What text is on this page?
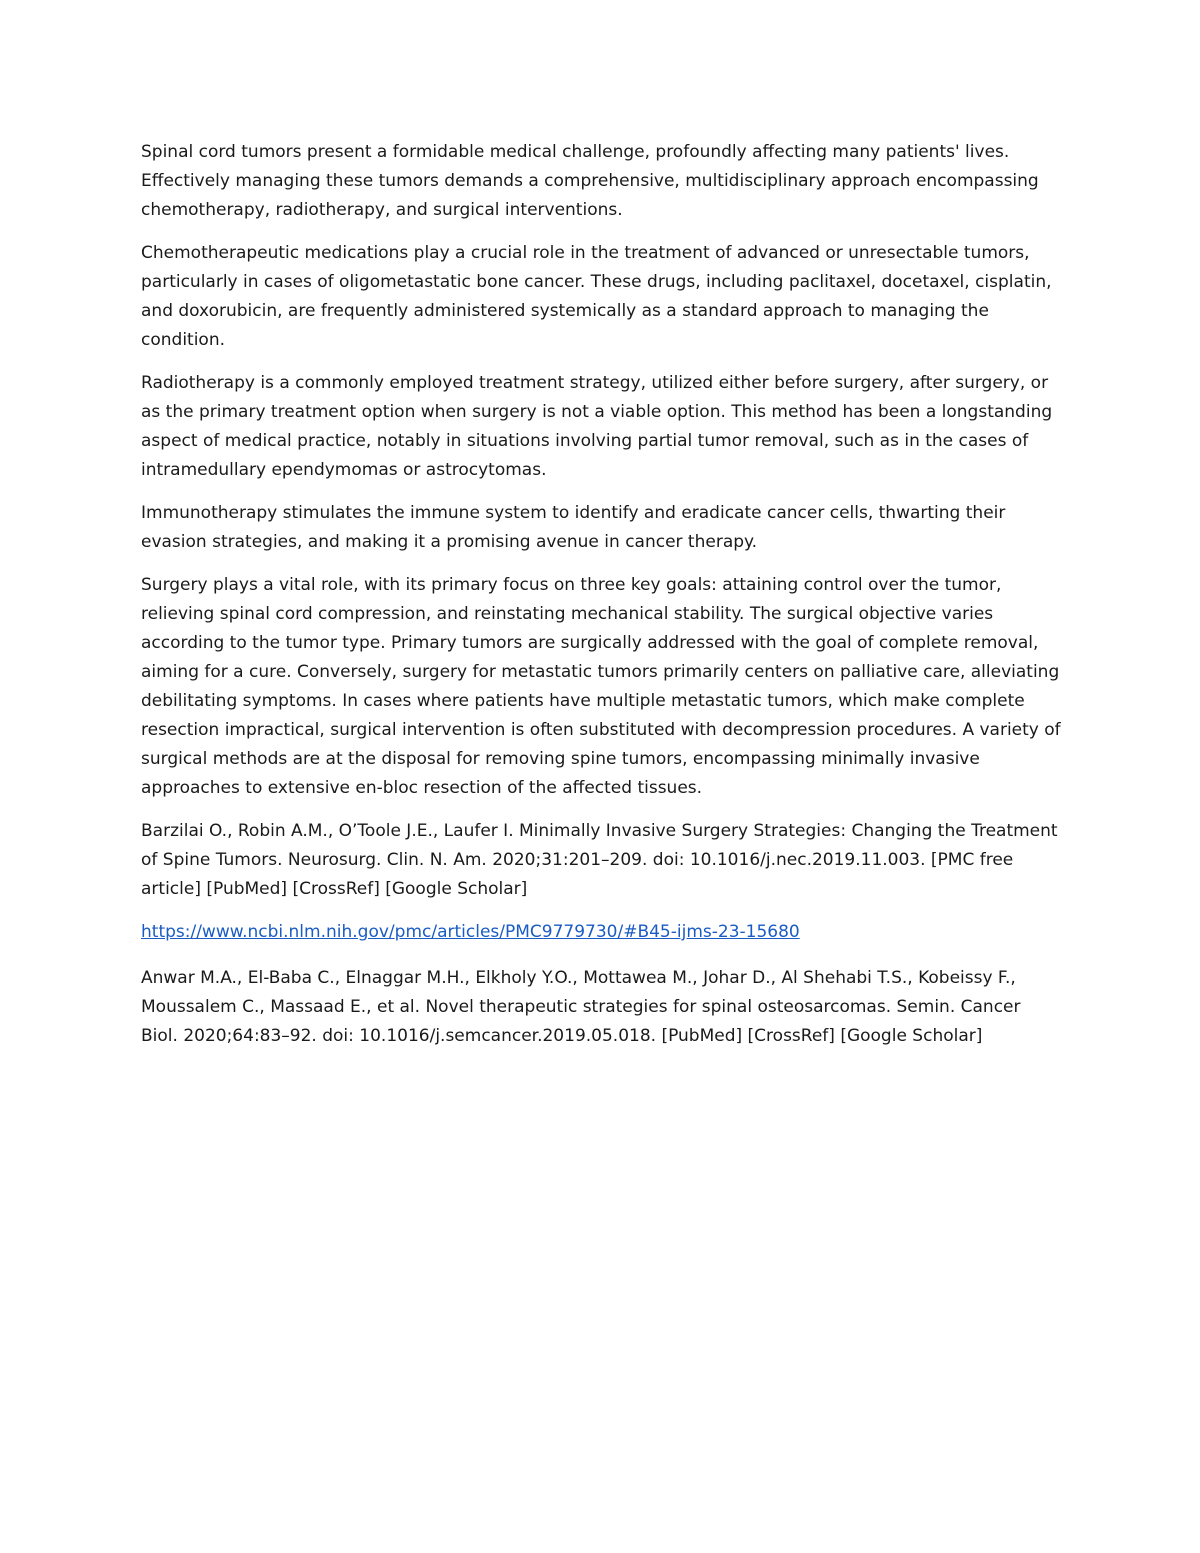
Spinal cord tumors present a formidable medical challenge, profoundly affecting many patients' lives. Effectively managing these tumors demands a comprehensive, multidisciplinary approach encompassing chemotherapy, radiotherapy, and surgical interventions.

Chemotherapeutic medications play a crucial role in the treatment of advanced or unresectable tumors, particularly in cases of oligometastatic bone cancer. These drugs, including paclitaxel, docetaxel, cisplatin, and doxorubicin, are frequently administered systemically as a standard approach to managing the condition.

Radiotherapy is a commonly employed treatment strategy, utilized either before surgery, after surgery, or as the primary treatment option when surgery is not a viable option. This method has been a longstanding aspect of medical practice, notably in situations involving partial tumor removal, such as in the cases of intramedullary ependymomas or astrocytomas.

Immunotherapy stimulates the immune system to identify and eradicate cancer cells, thwarting their evasion strategies, and making it a promising avenue in cancer therapy.

Surgery plays a vital role, with its primary focus on three key goals: attaining control over the tumor, relieving spinal cord compression, and reinstating mechanical stability. The surgical objective varies according to the tumor type. Primary tumors are surgically addressed with the goal of complete removal, aiming for a cure. Conversely, surgery for metastatic tumors primarily centers on palliative care, alleviating debilitating symptoms. In cases where patients have multiple metastatic tumors, which make complete resection impractical, surgical intervention is often substituted with decompression procedures. A variety of surgical methods are at the disposal for removing spine tumors, encompassing minimally invasive approaches to extensive en-bloc resection of the affected tissues.

Barzilai O., Robin A.M., O’Toole J.E., Laufer I. Minimally Invasive Surgery Strategies: Changing the Treatment of Spine Tumors. Neurosurg. Clin. N. Am. 2020;31:201–209. doi: 10.1016/j.nec.2019.11.003. [PMC free article] [PubMed] [CrossRef] [Google Scholar]

https://www.ncbi.nlm.nih.gov/pmc/articles/PMC9779730/#B45-ijms-23-15680

Anwar M.A., El-Baba C., Elnaggar M.H., Elkholy Y.O., Mottawea M., Johar D., Al Shehabi T.S., Kobeissy F., Moussalem C., Massaad E., et al. Novel therapeutic strategies for spinal osteosarcomas. Semin. Cancer Biol. 2020;64:83–92. doi: 10.1016/j.semcancer.2019.05.018. [PubMed] [CrossRef] [Google Scholar]
